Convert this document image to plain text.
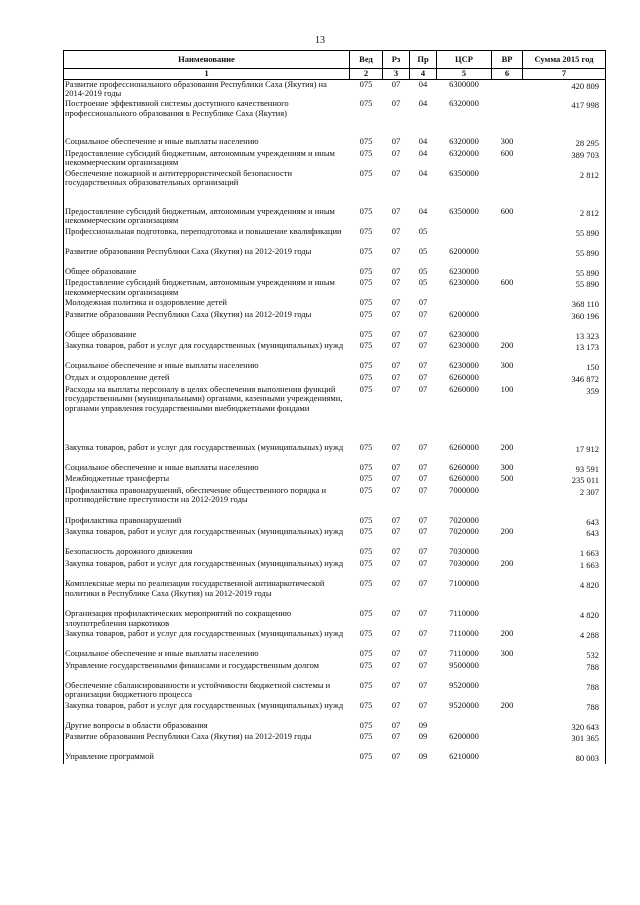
13
Наименование	Вед	Рз	Пр	ЦСР	ВР	Сумма 2015 год
1	2	3	4	5	6	7
Развитие профессионального образования Республики Саха (Якутия) на 2014-2019 годы	075	07	04	6300000		420 809
Построение эффективной системы доступного качественного профессионального образования в Республике Саха (Якутия)	075	07	04	6320000		417 998
Социальное обеспечение и иные выплаты населению	075	07	04	6320000	300	28 295
Предоставление субсидий бюджетным, автономным учреждениям и иным некоммерческим организациям	075	07	04	6320000	600	389 703
Обеспечение пожарной и антитеррористической безопасности государственных образовательных организаций	075	07	04	6350000		2 812
Предоставление субсидий бюджетным, автономным учреждениям и иным некоммерческим организациям	075	07	04	6350000	600	2 812
Профессиональная подготовка, переподготовка и повышение квалификации	075	07	05			55 890
Развитие образования Республики Саха (Якутия) на 2012-2019 годы	075	07	05	6200000		55 890
Общее образование	075	07	05	6230000		55 890
Предоставление субсидий бюджетным, автономным учреждениям и иным некоммерческим организациям	075	07	05	6230000	600	55 890
Молодежная политика и оздоровление детей	075	07	07			368 110
Развитие образования Республики Саха (Якутия) на 2012-2019 годы	075	07	07	6200000		360 196
Общее образование	075	07	07	6230000		13 323
Закупка товаров, работ и услуг для государственных (муниципальных) нужд	075	07	07	6230000	200	13 173
Социальное обеспечение и иные выплаты населению	075	07	07	6230000	300	150
Отдых и оздоровление детей	075	07	07	6260000		346 872
Расходы на выплаты персоналу в целях обеспечения выполнения функций государственными (муниципальными) органами, казенными учреждениями, органами управления государственными внебюджетными фондами	075	07	07	6260000	100	359
Закупка товаров, работ и услуг для государственных (муниципальных) нужд	075	07	07	6260000	200	17 912
Социальное обеспечение и иные выплаты населению	075	07	07	6260000	300	93 591
Межбюджетные трансферты	075	07	07	6260000	500	235 011
Профилактика правонарушений, обеспечение общественного порядка и противодействие преступности на 2012-2019 годы	075	07	07	7000000		2 307
Профилактика правонарушений	075	07	07	7020000		643
Закупка товаров, работ и услуг для государственных (муниципальных) нужд	075	07	07	7020000	200	643
Безопасность дорожного движения	075	07	07	7030000		1 663
Закупка товаров, работ и услуг для государственных (муниципальных) нужд	075	07	07	7030000	200	1 663
Комплексные меры по реализации государственной антинаркотической политики в Республике Саха (Якутия) на 2012-2019 годы	075	07	07	7100000		4 820
Организация профилактических мероприятий по сокращению злоупотребления наркотиков	075	07	07	7110000		4 820
Закупка товаров, работ и услуг для государственных (муниципальных) нужд	075	07	07	7110000	200	4 288
Социальное обеспечение и иные выплаты населению	075	07	07	7110000	300	532
Управление государственными финансами и государственным долгом	075	07	07	9500000		788
Обеспечение сбалансированности и устойчивости бюджетной системы и организации бюджетного процесса	075	07	07	9520000		788
Закупка товаров, работ и услуг для государственных (муниципальных) нужд	075	07	07	9520000	200	788
Другие вопросы в области образования	075	07	09			320 643
Развитие образования Республики Саха (Якутия) на 2012-2019 годы	075	07	09	6200000		301 365
Управление программой	075	07	09	6210000		80 003
